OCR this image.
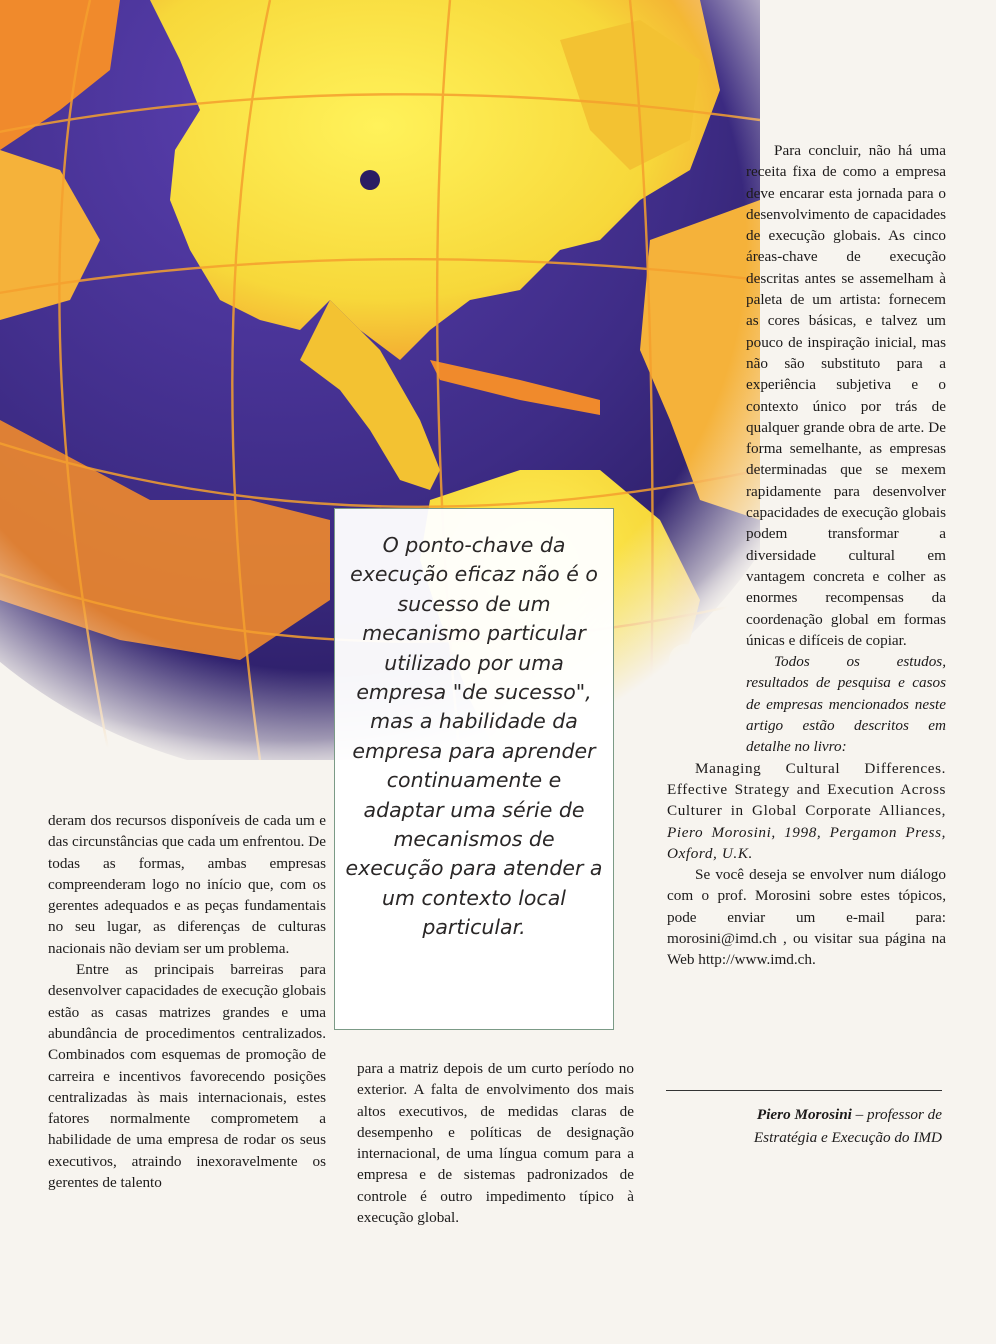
deram dos recursos disponíveis de cada um e das circunstâncias que cada um enfrentou. De todas as formas, ambas empresas compreenderam logo no início que, com os gerentes adequados e as peças fundamentais no seu lugar, as diferenças de culturas nacionais não deviam ser um problema.

Entre as principais barreiras para desenvolver capacidades de execução globais estão as casas matrizes grandes e uma abundância de procedimentos centralizados. Combinados com esquemas de promoção de carreira e incentivos favorecendo posições centralizadas às mais internacionais, estes fatores normalmente comprometem a habilidade de uma empresa de rodar os seus executivos, atraindo inexoravelmente os gerentes de talento

para a matriz depois de um curto período no exterior. A falta de envolvimento dos mais altos executivos, de medidas claras de desempenho e políticas de designação internacional, de uma língua comum para a empresa e de sistemas padronizados de controle é outro impedimento típico à execução global.

O ponto-chave da execução eficaz não é o sucesso de um mecanismo particular utilizado por uma empresa "de sucesso", mas a habilidade da empresa para aprender continuamente e adaptar uma série de mecanismos de execução para atender a um contexto local particular.

Para concluir, não há uma receita fixa de como a empresa deve encarar esta jornada para o desenvolvimento de capacidades de execução globais. As cinco áreas-chave de execução descritas antes se assemelham à paleta de um artista: fornecem as cores básicas, e talvez um pouco de inspiração inicial, mas não são substituto para a experiência subjetiva e o contexto único por trás de qualquer grande obra de arte. De forma semelhante, as empresas determinadas que se mexem rapidamente para desenvolver capacidades de execução globais podem transformar a diversidade cultural em vantagem concreta e colher as enormes recompensas da coordenação global em formas únicas e difíceis de copiar.

Todos os estudos, resultados de pesquisa e casos de empresas mencionados neste artigo estão descritos em detalhe no livro:

Managing Cultural Differences. Effective Strategy and Execution Across Culturer in Global Corporate Alliances, Piero Morosini, 1998, Pergamon Press, Oxford, U.K.

Se você deseja se envolver num diálogo com o prof. Morosini sobre estes tópicos, pode enviar um e-mail para: morosini@imd.ch , ou visitar sua página na Web http://www.imd.ch.

Piero Morosini – professor de
Estratégia e Execução do IMD
